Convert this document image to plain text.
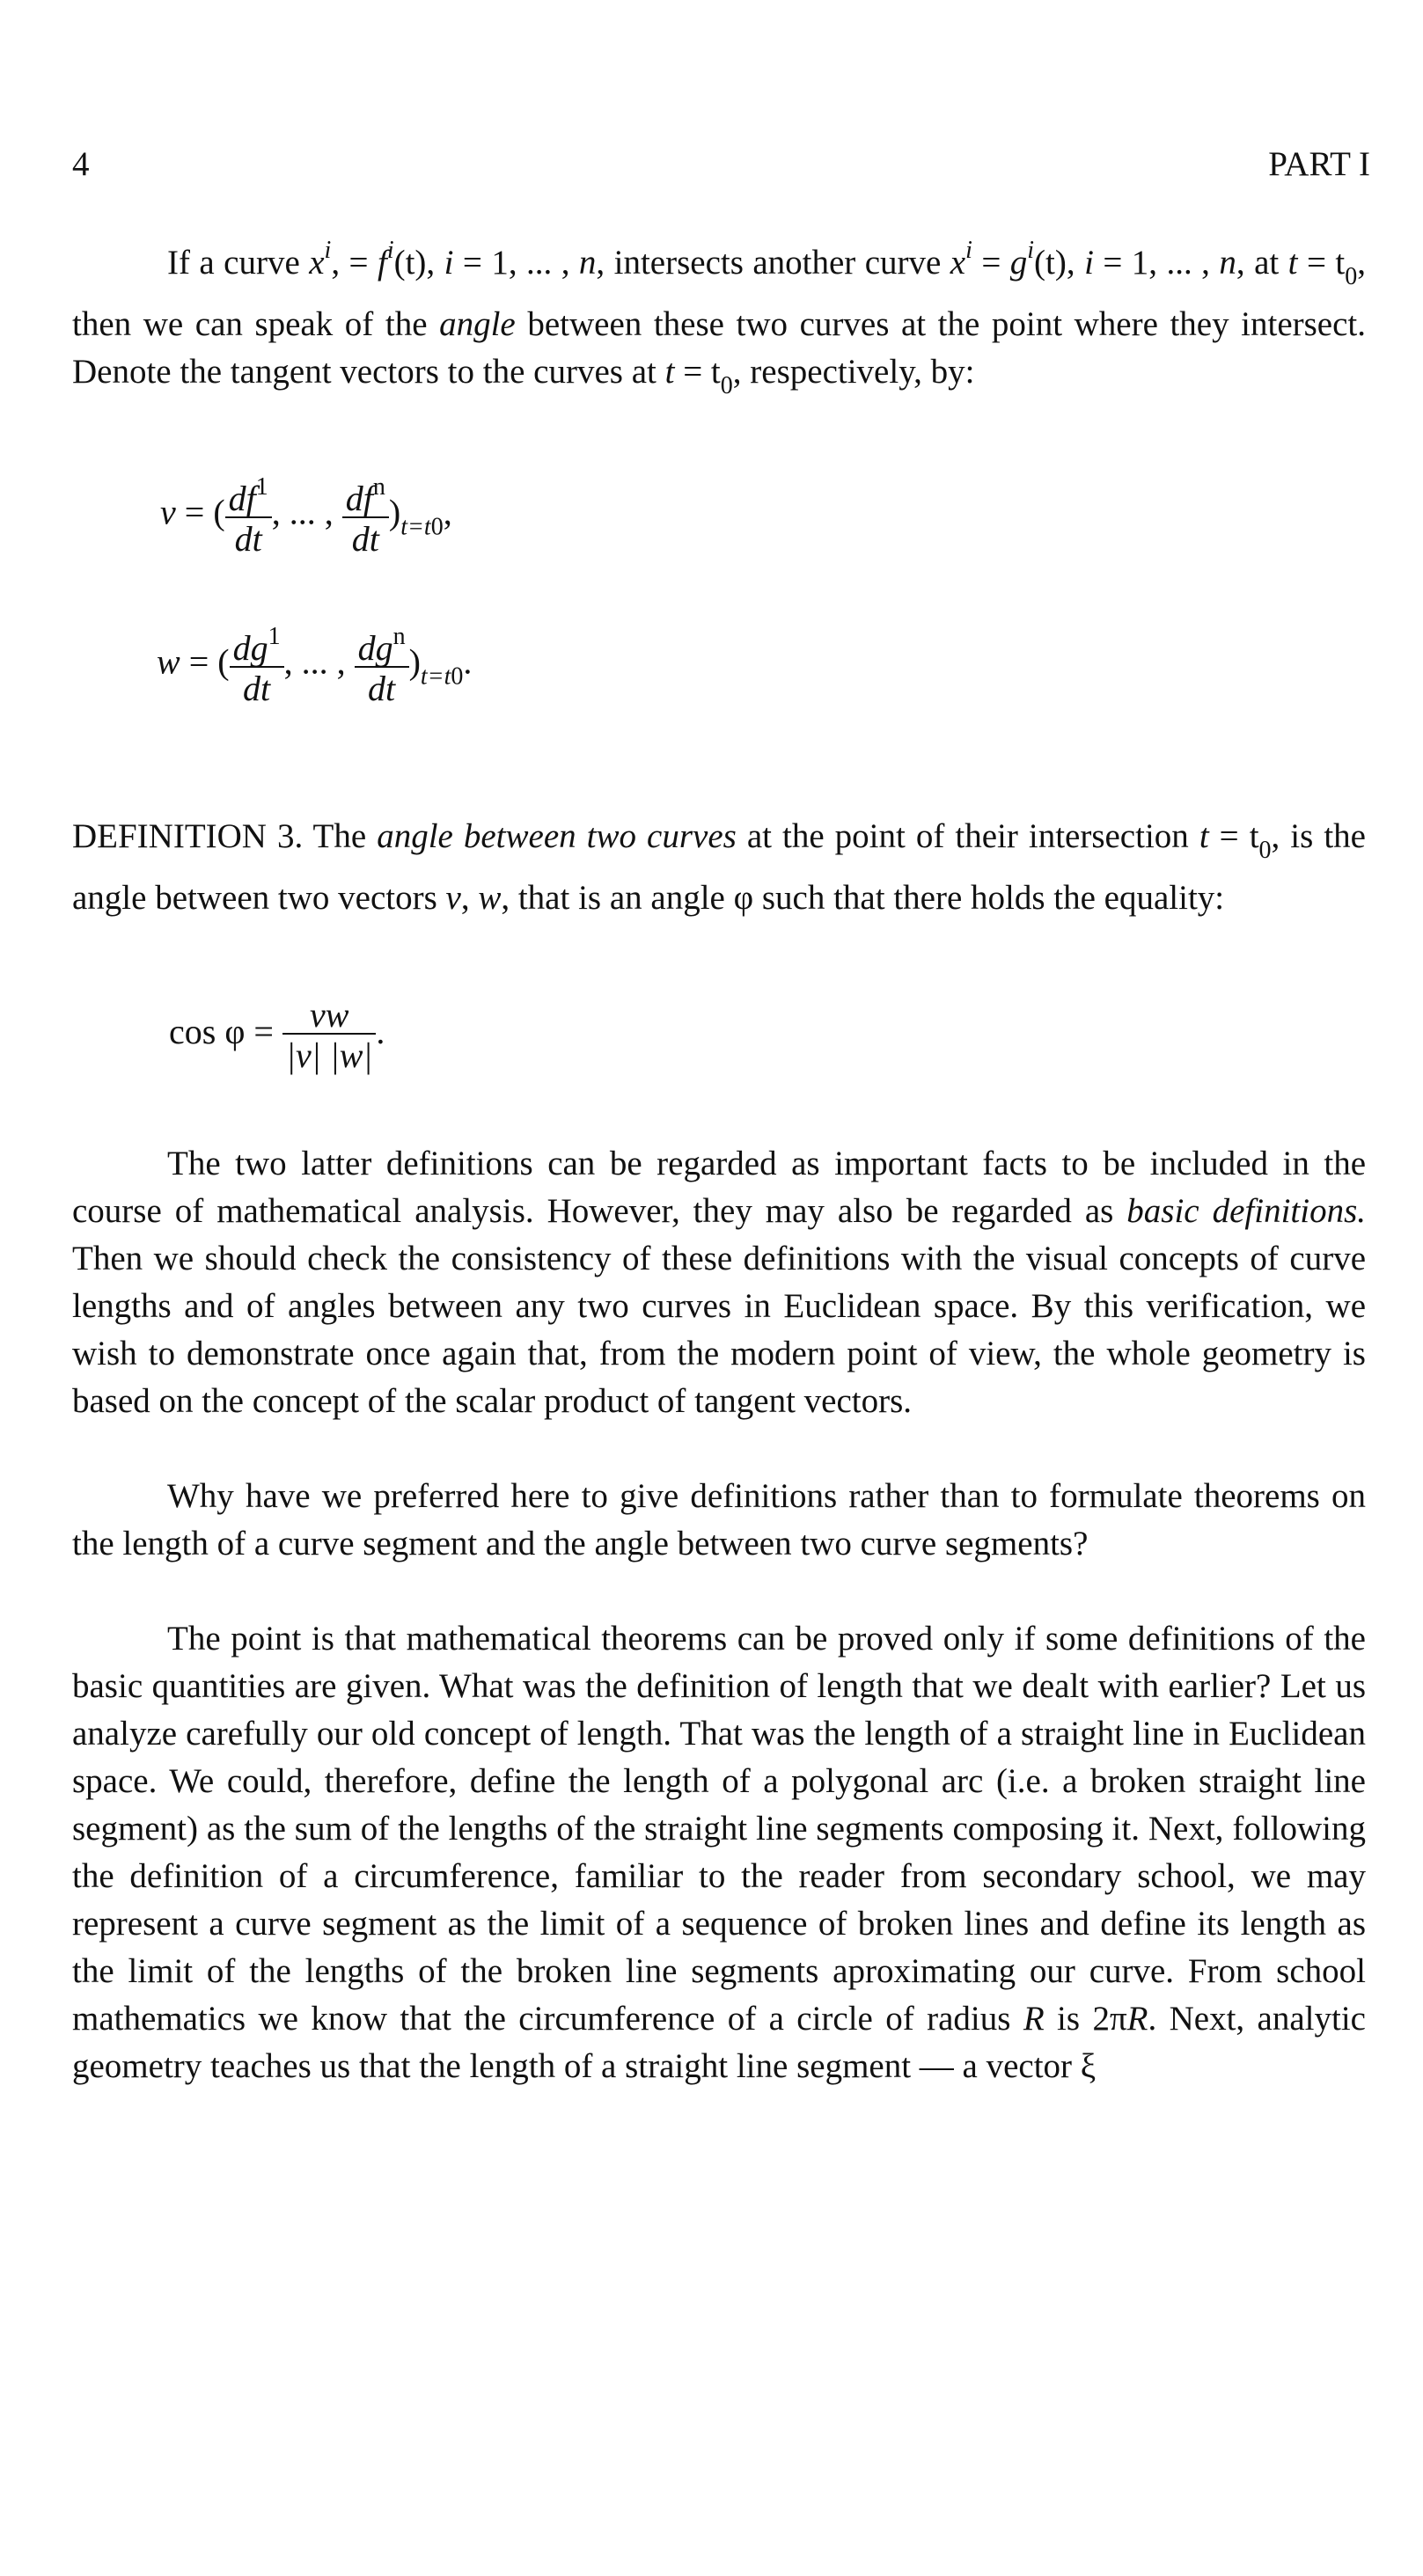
4	PART I

If a curve $x^i$, = $f^i(t)$, i = 1, ... , n, intersects another curve $x^i = g^i(t)$, i = 1, ... , n, at $t = t_0$, then we can speak of the angle between these two curves at the point where they intersect. Denote the tangent vectors to the curves at $t = t_0$, respectively, by:

v = ( $\frac{df^1}{dt}$ , ... , $\frac{df^n}{dt} )_{t=t0}$,
w = ( $\frac{dg^1}{dt}$ , ... , $\frac{dg^n}{dt} )_{t=t0}$.

DEFINITION 3. The angle between two curves at the point of their intersection $t = t_0$, is the angle between two vectors v, w, that is an angle φ such that there holds the equality:

$\cos \varphi = \frac{vw}{|v| |w|}$ .

The two latter definitions can be regarded as important facts to be included in the course of mathematical analysis. However, they may also be regarded as basic definitions. Then we should check the consistency of these definitions with the visual concepts of curve lengths and of angles between any two curves in Euclidean space. By this verification, we wish to demonstrate once again that, from the modern point of view, the whole geometry is based on the concept of the scalar product of tangent vectors.

Why have we preferred here to give definitions rather than to formulate theorems on the length of a curve segment and the angle between two curve segments?

The point is that mathematical theorems can be proved only if some definitions of the basic quantities are given. What was the definition of length that we dealt with earlier? Let us analyze carefully our old concept of length. That was the length of a straight line in Euclidean space. We could, therefore, define the length of a polygonal arc (i.e. a broken straight line segment) as the sum of the lengths of the straight line segments composing it. Next, following the definition of a circumference, familiar to the reader from secondary school, we may represent a curve segment as the limit of a sequence of broken lines and define its length as the limit of the lengths of the broken line segments aproximating our curve. From school mathematics we know that the circumference of a circle of radius R is 2πR. Next, analytic geometry teaches us that the length of a straight line segment — a vector ξ
